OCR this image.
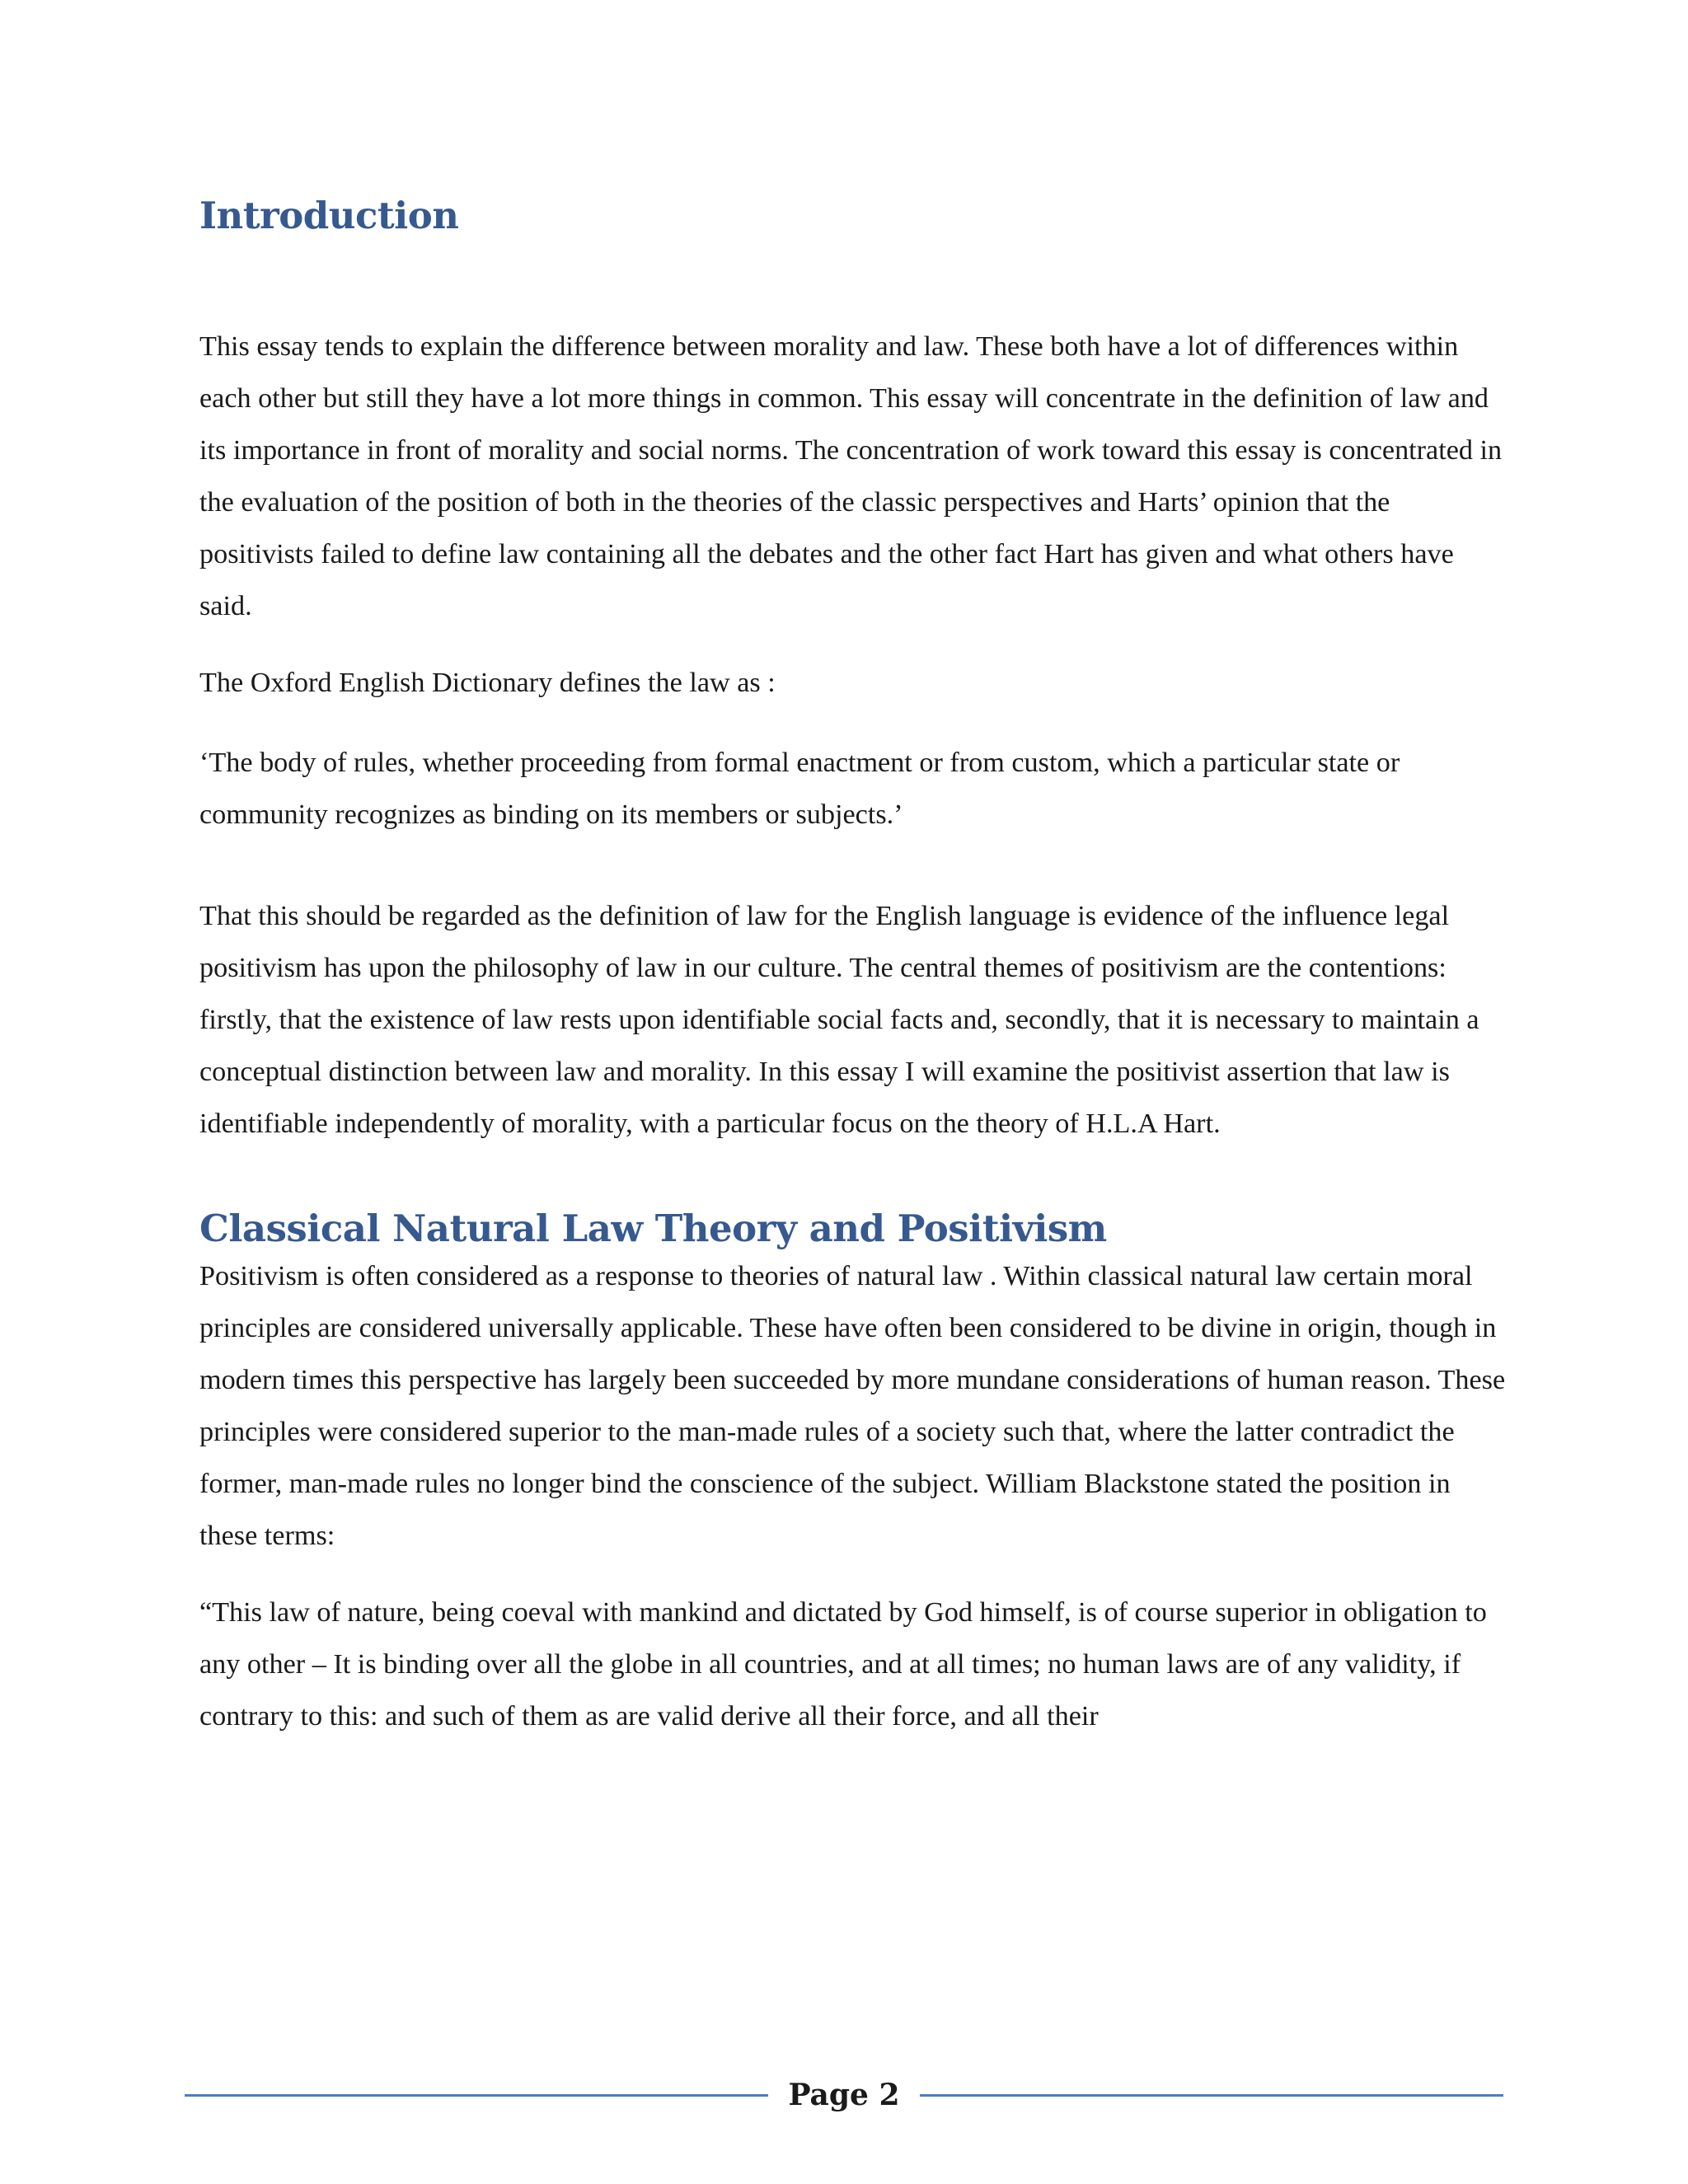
Introduction

This essay tends to explain the difference between morality and law. These both have a lot of differences within each other but still they have a lot more things in common. This essay will concentrate in the definition of law and its importance in front of morality and social norms. The concentration of work toward this essay is concentrated in the evaluation of the position of both in the theories of the classic perspectives and Harts’ opinion that the positivists failed to define law containing all the debates and the other fact Hart has given and what others have said.

The Oxford English Dictionary defines the law as :

‘The body of rules, whether proceeding from formal enactment or from custom, which a particular state or community recognizes as binding on its members or subjects.’

That this should be regarded as the definition of law for the English language is evidence of the influence legal positivism has upon the philosophy of law in our culture. The central themes of positivism are the contentions: firstly, that the existence of law rests upon identifiable social facts and, secondly, that it is necessary to maintain a conceptual distinction between law and morality. In this essay I will examine the positivist assertion that law is identifiable independently of morality, with a particular focus on the theory of H.L.A Hart.

Classical Natural Law Theory and Positivism

Positivism is often considered as a response to theories of natural law . Within classical natural law certain moral principles are considered universally applicable. These have often been considered to be divine in origin, though in modern times this perspective has largely been succeeded by more mundane considerations of human reason. These principles were considered superior to the man-made rules of a society such that, where the latter contradict the former, man-made rules no longer bind the conscience of the subject. William Blackstone stated the position in these terms:

“This law of nature, being coeval with mankind and dictated by God himself, is of course superior in obligation to any other – It is binding over all the globe in all countries, and at all times; no human laws are of any validity, if contrary to this: and such of them as are valid derive all their force, and all their

Page 2
